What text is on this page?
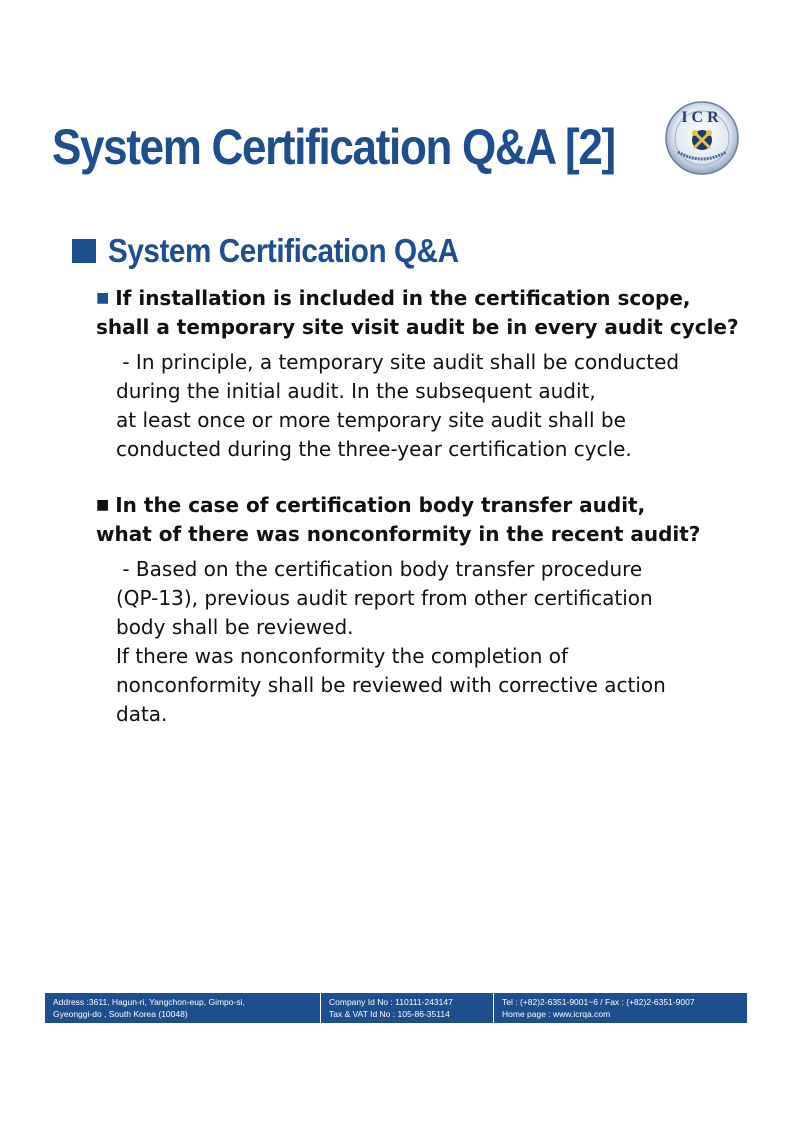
System Certification Q&A [2]
ICR
System Certification Q&A

■ If installation is included in the certification scope,
shall a temporary site visit audit be in every audit cycle?

- In principle, a temporary site audit shall be conducted
during the initial audit. In the subsequent audit,
at least once or more temporary site audit shall be
conducted during the three-year certification cycle.

■ In the case of certification body transfer audit,
what of there was nonconformity in the recent audit?

- Based on the certification body transfer procedure
(QP-13), previous audit report from other certification
body shall be reviewed.
If there was nonconformity the completion of
nonconformity shall be reviewed with corrective action
data.
Address :3611, Hagun-ri, Yangchon-eup, Gimpo-si,
Gyeonggi-do , South Korea (10048)
Company Id No : 110111-243147
Tax & VAT Id No : 105-86-35114
Tel : (+82)2-6351-9001~6 / Fax : (+82)2-6351-9007
Home page : www.icrqa.com
